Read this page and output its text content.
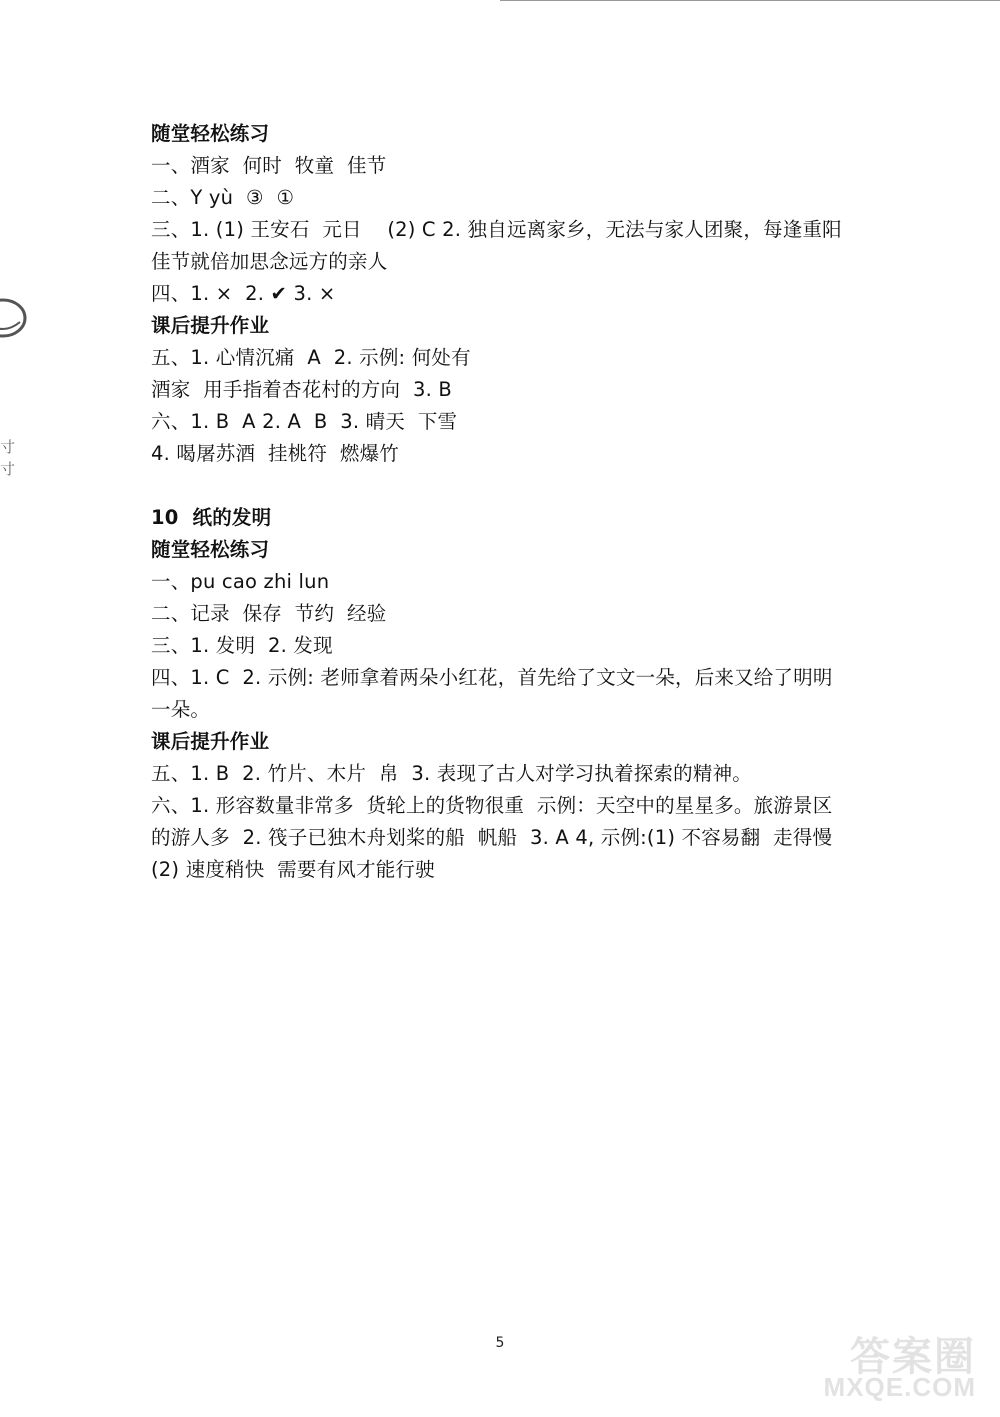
寸
寸
随堂轻松练习
一、酒家  何时  牧童  佳节
二、Y yù  ③  ①
三、1. (1) 王安石  元日    (2) C 2. 独自远离家乡，无法与家人团聚，每逢重阳
佳节就倍加思念远方的亲人
四、1. ×  2. ✔ 3. ×
课后提升作业
五、1. 心情沉痛  A  2. 示例: 何处有
酒家  用手指着杏花村的方向  3. B
六、1. B  A 2. A  B  3. 晴天  下雪
4. 喝屠苏酒  挂桃符  燃爆竹
10  纸的发明
随堂轻松练习
一、pu cao zhi lun
二、记录  保存  节约  经验
三、1. 发明  2. 发现
四、1. C  2. 示例: 老师拿着两朵小红花，首先给了文文一朵，后来又给了明明
一朵。
课后提升作业
五、1. B  2. 竹片、木片  帛  3. 表现了古人对学习执着探索的精神。
六、1. 形容数量非常多  货轮上的货物很重  示例：天空中的星星多。旅游景区
的游人多  2. 筏子已独木舟划桨的船  帆船  3. A 4, 示例:(1) 不容易翻  走得慢
(2) 速度稍快  需要有风才能行驶
5	答案圈
MXQE.COM
